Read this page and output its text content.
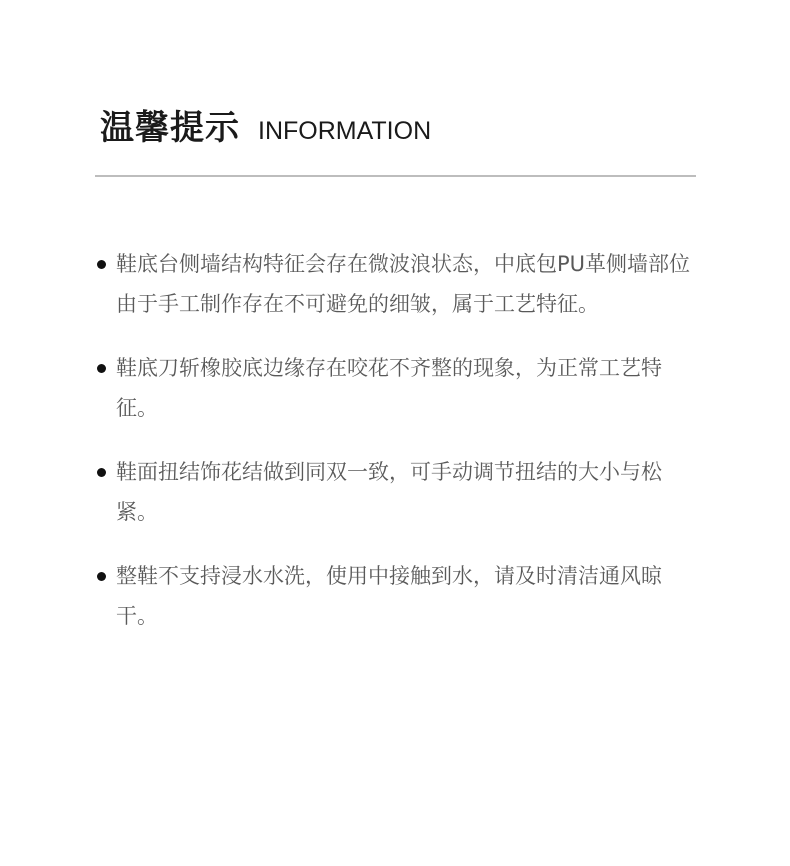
温馨提示 INFORMATION
鞋底台侧墙结构特征会存在微波浪状态，中底包PU革侧墙部位由于手工制作存在不可避免的细皱，属于工艺特征。
鞋底刀斩橡胶底边缘存在咬花不齐整的现象，为正常工艺特征。
鞋面扭结饰花结做到同双一致，可手动调节扭结的大小与松紧。
整鞋不支持浸水水洗，使用中接触到水，请及时清洁通风晾干。
